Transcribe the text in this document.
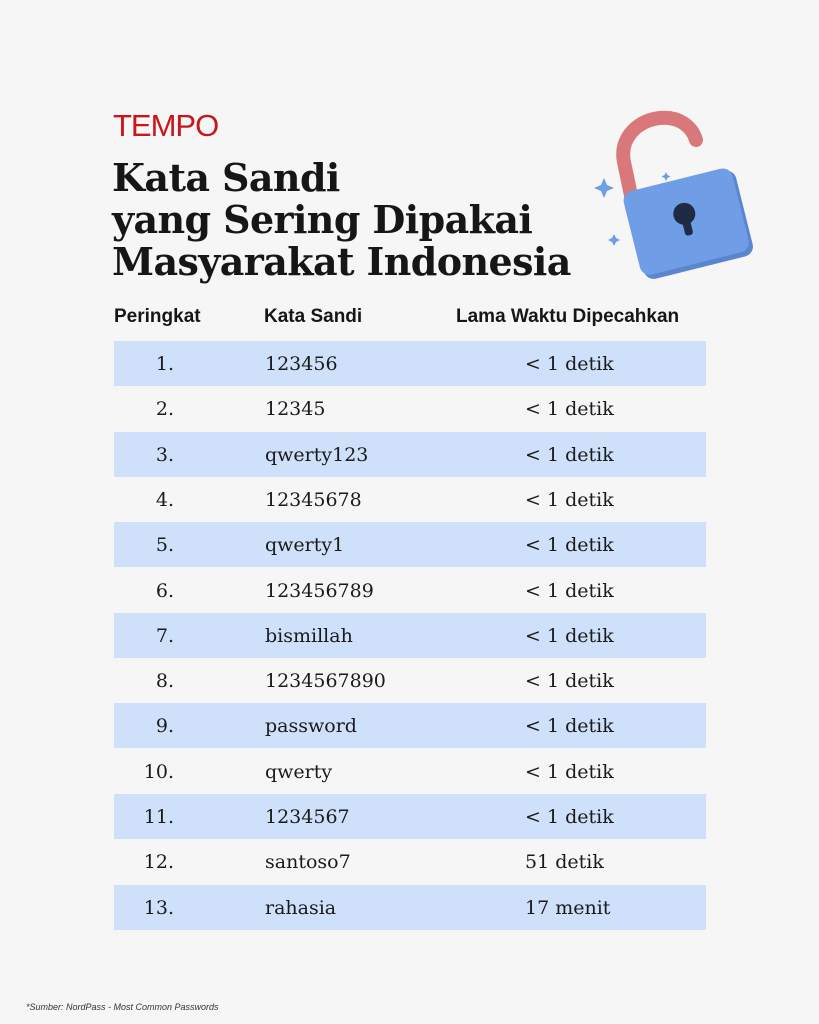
TEMPO
Kata Sandi
yang Sering Dipakai
Masyarakat Indonesia
Peringkat	Kata Sandi	Lama Waktu Dipecahkan
1.	123456	< 1 detik
2.	12345	< 1 detik
3.	qwerty123	< 1 detik
4.	12345678	< 1 detik
5.	qwerty1	< 1 detik
6.	123456789	< 1 detik
7.	bismillah	< 1 detik
8.	1234567890	< 1 detik
9.	password	< 1 detik
10.	qwerty	< 1 detik
11.	1234567	< 1 detik
12.	santoso7	51 detik
13.	rahasia	17 menit
*Sumber: NordPass - Most Common Passwords
